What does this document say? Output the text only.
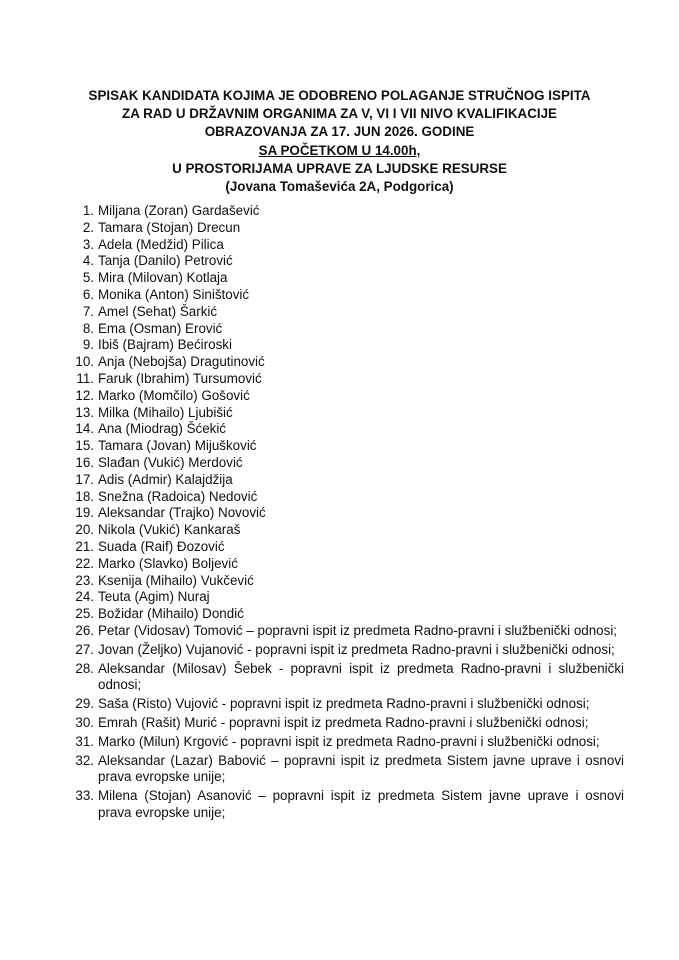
SPISAK KANDIDATA KOJIMA JE ODOBRENO POLAGANJE STRUČNOG ISPITA
ZA RAD U DRŽAVNIM ORGANIMA ZA V, VI I VII NIVO KVALIFIKACIJE
OBRAZOVANJA ZA 17. JUN 2026. GODINE
SA POČETKOM U 14.00h,
U PROSTORIJAMA UPRAVE ZA LJUDSKE RESURSE
(Jovana Tomaševića 2A, Podgorica)
1. Miljana (Zoran) Gardašević
2. Tamara (Stojan) Drecun
3. Adela (Medžid) Pilica
4. Tanja (Danilo) Petrović
5. Mira (Milovan) Kotlaja
6. Monika (Anton) Siništović
7. Amel (Sehat) Šarkić
8. Ema (Osman) Erović
9. Ibiš (Bajram) Bećiroski
10. Anja (Nebojša) Dragutinović
11. Faruk (Ibrahim) Tursumović
12. Marko (Momčilo) Gošović
13. Milka (Mihailo) Ljubišić
14. Ana (Miodrag) Šćekić
15. Tamara (Jovan) Mijušković
16. Slađan (Vukić) Merdović
17. Adis (Admir) Kalajdžija
18. Snežna (Radoica) Nedović
19. Aleksandar (Trajko) Novović
20. Nikola (Vukić) Kankaraš
21. Suada (Raif) Đozović
22. Marko (Slavko) Boljević
23. Ksenija (Mihailo) Vukčević
24. Teuta (Agim) Nuraj
25. Božidar (Mihailo) Dondić
26. Petar (Vidosav) Tomović – popravni ispit iz predmeta Radno-pravni i službenički odnosi;
27. Jovan (Željko) Vujanović - popravni ispit iz predmeta Radno-pravni i službenički odnosi;
28. Aleksandar (Milosav) Šebek - popravni ispit iz predmeta Radno-pravni i službenički odnosi;
29. Saša (Risto) Vujović - popravni ispit iz predmeta Radno-pravni i službenički odnosi;
30. Emrah (Rašit) Murić - popravni ispit iz predmeta Radno-pravni i službenički odnosi;
31. Marko (Milun) Krgović - popravni ispit iz predmeta Radno-pravni i službenički odnosi;
32. Aleksandar (Lazar) Babović – popravni ispit iz predmeta Sistem javne uprave i osnovi prava evropske unije;
33. Milena (Stojan) Asanović – popravni ispit iz predmeta Sistem javne uprave i osnovi prava evropske unije;
